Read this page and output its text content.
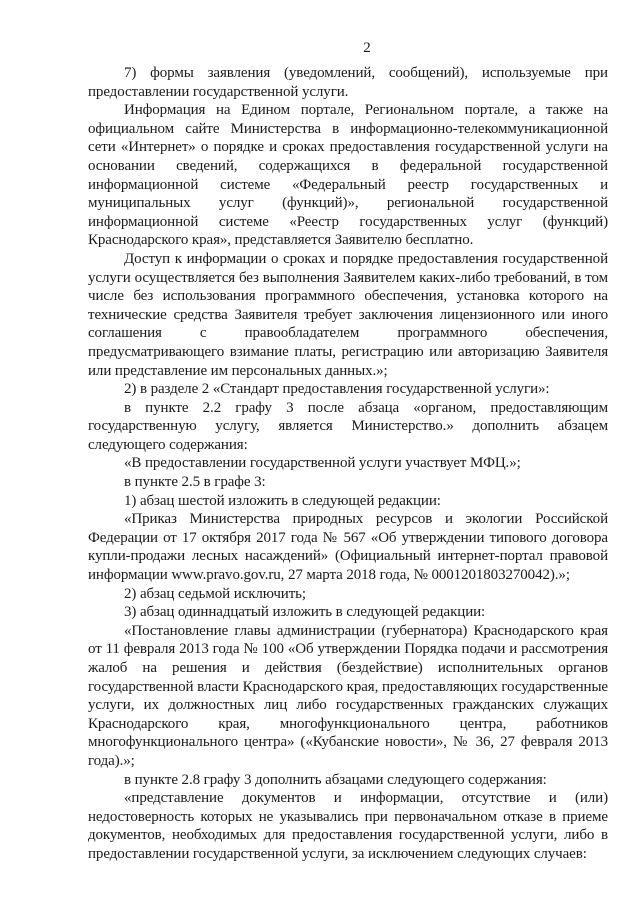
2

7) формы заявления (уведомлений, сообщений), используемые при предоставлении государственной услуги.

Информация на Едином портале, Региональном портале, а также на официальном сайте Министерства в информационно-телекоммуникационной сети «Интернет» о порядке и сроках предоставления государственной услуги на основании сведений, содержащихся в федеральной государственной информационной системе «Федеральный реестр государственных и муниципальных услуг (функций)», региональной государственной информационной системе «Реестр государственных услуг (функций) Краснодарского края», представляется Заявителю бесплатно.

Доступ к информации о сроках и порядке предоставления государственной услуги осуществляется без выполнения Заявителем каких-либо требований, в том числе без использования программного обеспечения, установка которого на технические средства Заявителя требует заключения лицензионного или иного соглашения с правообладателем программного обеспечения, предусматривающего взимание платы, регистрацию или авторизацию Заявителя или представление им персональных данных.»;

2) в разделе 2 «Стандарт предоставления государственной услуги»:

в пункте 2.2 графу 3 после абзаца «органом, предоставляющим государственную услугу, является Министерство.» дополнить абзацем следующего содержания:

«В предоставлении государственной услуги участвует МФЦ.»;

в пункте 2.5 в графе 3:

1) абзац шестой изложить в следующей редакции:

«Приказ Министерства природных ресурсов и экологии Российской Федерации от 17 октября 2017 года № 567 «Об утверждении типового договора купли-продажи лесных насаждений» (Официальный интернет-портал правовой информации www.pravo.gov.ru, 27 марта 2018 года, № 0001201803270042).»;

2) абзац седьмой исключить;

3) абзац одиннадцатый изложить в следующей редакции:

«Постановление главы администрации (губернатора) Краснодарского края от 11 февраля 2013 года № 100 «Об утверждении Порядка подачи и рассмотрения жалоб на решения и действия (бездействие) исполнительных органов государственной власти Краснодарского края, предоставляющих государственные услуги, их должностных лиц либо государственных гражданских служащих Краснодарского края, многофункционального центра, работников многофункционального центра» («Кубанские новости», № 36, 27 февраля 2013 года).»;

в пункте 2.8 графу 3 дополнить абзацами следующего содержания:

«представление документов и информации, отсутствие и (или) недостоверность которых не указывались при первоначальном отказе в приеме документов, необходимых для предоставления государственной услуги, либо в предоставлении государственной услуги, за исключением следующих случаев:
